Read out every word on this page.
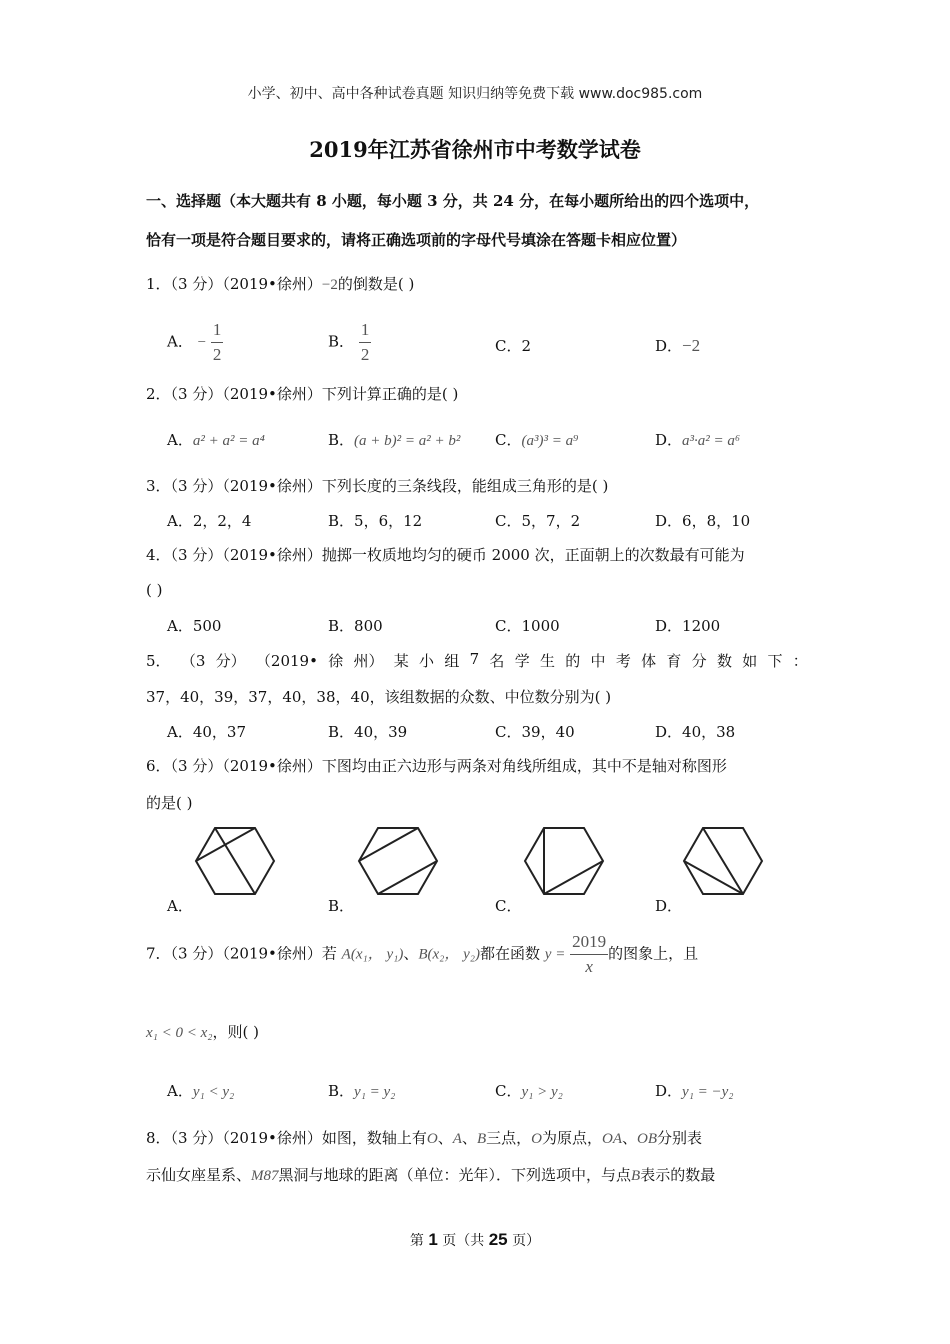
小学、初中、高中各种试卷真题 知识归纳等免费下载 www.doc985.com
2019年江苏省徐州市中考数学试卷
一、选择题（本大题共有 8 小题，每小题 3 分，共 24 分，在每小题所给出的四个选项中，
恰有一项是符合题目要求的，请将正确选项前的字母代号填涂在答题卡相应位置）
1．（3 分）（2019•徐州）−2的倒数是( )
A． − $\frac{1}{2}$	B． $\frac{1}{2}$	C．2	D．−2
2．（3 分）（2019•徐州）下列计算正确的是( )
A．a² + a² = a⁴	B．(a + b)² = a² + b² C．(a³)³ = a⁹	D．a³·a² = a⁶
3．（3 分）（2019•徐州）下列长度的三条线段，能组成三角形的是( )
A．2，2，4	B．5，6，12	C．5，7，2	D．6，8，10
4．（3 分）（2019•徐州）抛掷一枚质地均匀的硬币 2000 次，正面朝上的次数最有可能为
( )
A．500	B．800	C．1000	D．1200
5． （3 分） （2019• 徐 州） 某 小 组 7 名 学 生 的 中 考 体 育 分 数 如 下 ：
37，40，39，37，40，38，40，该组数据的众数、中位数分别为( )
A．40，37	B．40，39	C．39，40	D．40，38
6．（3 分）（2019•徐州）下图均由正六边形与两条对角线所组成，其中不是轴对称图形
的是( )
A．	B．	C．	D．
7．（3 分）（2019•徐州）若 A(x₁， y₁)、B(x₂， y₂)都在函数 $y = \frac{2019}{x}$ 的图象上，且
x₁ < 0 < x₂，则( )
A．y₁ < y₂	B．y₁ = y₂	C．y₁ > y₂	D．y₁ = −y₂
8．（3 分）（2019•徐州）如图，数轴上有O、A、B三点，O为原点，OA、OB分别表
示仙女座星系、M87黑洞与地球的距离（单位：光年）．下列选项中，与点B表示的数最
第 1 页（共 25 页）
